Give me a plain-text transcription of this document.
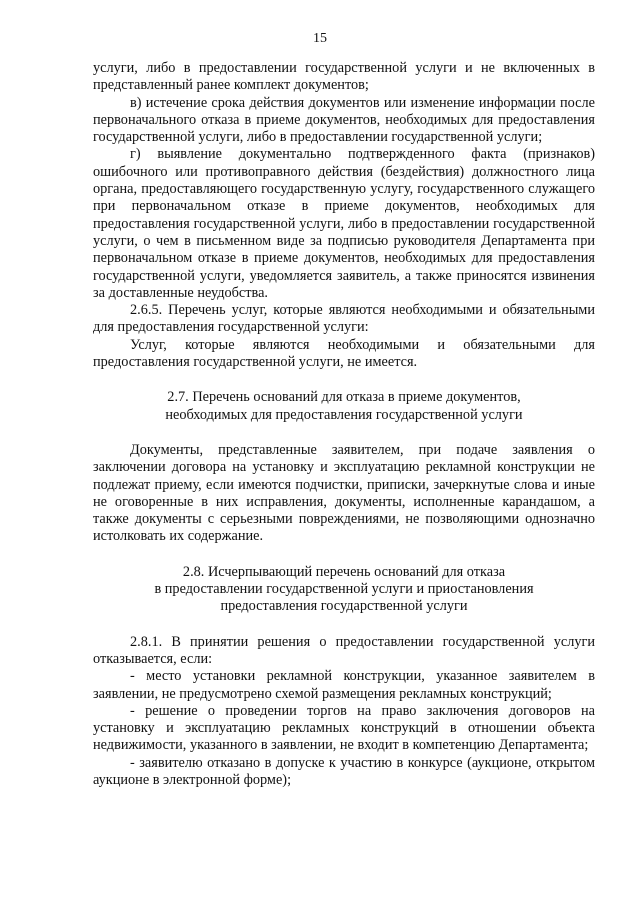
15

услуги, либо в предоставлении государственной услуги и не включенных в представленный ранее комплект документов;

в) истечение срока действия документов или изменение информации после первоначального отказа в приеме документов, необходимых для предоставления государственной услуги, либо в предоставлении государственной услуги;

г) выявление документально подтвержденного факта (признаков) ошибочного или противоправного действия (бездействия) должностного лица органа, предоставляющего государственную услугу, государственного служащего при первоначальном отказе в приеме документов, необходимых для предоставления государственной услуги, либо в предоставлении государственной услуги, о чем в письменном виде за подписью руководителя Департамента при первоначальном отказе в приеме документов, необходимых для предоставления государственной услуги, уведомляется заявитель, а также приносятся извинения за доставленные неудобства.

2.6.5. Перечень услуг, которые являются необходимыми и обязательными для предоставления государственной услуги:

Услуг, которые являются необходимыми и обязательными для предоставления государственной услуги, не имеется.

2.7. Перечень оснований для отказа в приеме документов,
необходимых для предоставления государственной услуги

Документы, представленные заявителем, при подаче заявления о заключении договора на установку и эксплуатацию рекламной конструкции не подлежат приему, если имеются подчистки, приписки, зачеркнутые слова и иные не оговоренные в них исправления, документы, исполненные карандашом, а также документы с серьезными повреждениями, не позволяющими однозначно истолковать их содержание.

2.8. Исчерпывающий перечень оснований для отказа
в предоставлении государственной услуги и приостановления
предоставления государственной услуги

2.8.1. В принятии решения о предоставлении государственной услуги отказывается, если:

- место установки рекламной конструкции, указанное заявителем в заявлении, не предусмотрено схемой размещения рекламных конструкций;

- решение о проведении торгов на право заключения договоров на установку и эксплуатацию рекламных конструкций в отношении объекта недвижимости, указанного в заявлении, не входит в компетенцию Департамента;

- заявителю отказано в допуске к участию в конкурсе (аукционе, открытом аукционе в электронной форме);
